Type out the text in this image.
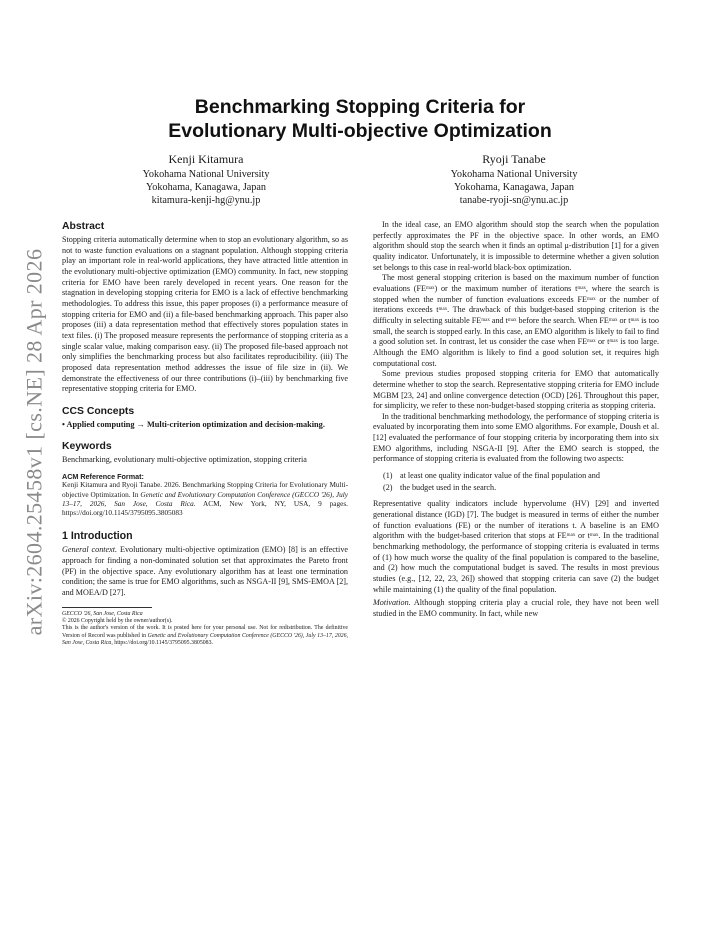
arXiv:2604.25458v1 [cs.NE] 28 Apr 2026
Benchmarking Stopping Criteria for
Evolutionary Multi-objective Optimization
Kenji Kitamura
Yokohama National University
Yokohama, Kanagawa, Japan
kitamura-kenji-hg@ynu.jp
Ryoji Tanabe
Yokohama National University
Yokohama, Kanagawa, Japan
tanabe-ryoji-sn@ynu.ac.jp
Abstract

Stopping criteria automatically determine when to stop an evolutionary algorithm, so as not to waste function evaluations on a stagnant population. Although stopping criteria play an important role in real-world applications, they have attracted little attention in the evolutionary multi-objective optimization (EMO) community. In fact, new stopping criteria for EMO have been rarely developed in recent years. One reason for the stagnation in developing stopping criteria for EMO is a lack of effective benchmarking methodologies. To address this issue, this paper proposes (i) a performance measure of stopping criteria for EMO and (ii) a file-based benchmarking approach. This paper also proposes (iii) a data representation method that effectively stores population states in text files. (i) The proposed measure represents the performance of stopping criteria as a single scalar value, making comparison easy. (ii) The proposed file-based approach not only simplifies the benchmarking process but also facilitates reproducibility. (iii) The proposed data representation method addresses the issue of file size in (ii). We demonstrate the effectiveness of our three contributions (i)–(iii) by benchmarking five representative stopping criteria for EMO.

CCS Concepts

• Applied computing → Multi-criterion optimization and decision-making.

Keywords

Benchmarking, evolutionary multi-objective optimization, stopping criteria

ACM Reference Format:

Kenji Kitamura and Ryoji Tanabe. 2026. Benchmarking Stopping Criteria for Evolutionary Multi-objective Optimization. In Genetic and Evolutionary Computation Conference (GECCO '26), July 13–17, 2026, San Jose, Costa Rica. ACM, New York, NY, USA, 9 pages. https://doi.org/10.1145/3795095.3805083

1 Introduction

General context. Evolutionary multi-objective optimization (EMO) [8] is an effective approach for finding a non-dominated solution set that approximates the Pareto front (PF) in the objective space. Any evolutionary algorithm has at least one termination condition; the same is true for EMO algorithms, such as NSGA-II [9], SMS-EMOA [2], and MOEA/D [27].

GECCO '26, San Jose, Costa Rica

© 2026 Copyright held by the owner/author(s).

This is the author's version of the work. It is posted here for your personal use. Not for redistribution. The definitive Version of Record was published in Genetic and Evolutionary Computation Conference (GECCO '26), July 13–17, 2026, San Jose, Costa Rica, https://doi.org/10.1145/3795095.3805083.

In the ideal case, an EMO algorithm should stop the search when the population perfectly approximates the PF in the objective space. In other words, an EMO algorithm should stop the search when it finds an optimal μ-distribution [1] for a given quality indicator. Unfortunately, it is impossible to determine whether a given solution set belongs to this case in real-world black-box optimization.

The most general stopping criterion is based on the maximum number of function evaluations (FEᵐᵃˣ) or the maximum number of iterations tᵐᵃˣ, where the search is stopped when the number of function evaluations exceeds FEᵐᵃˣ or the number of iterations exceeds tᵐᵃˣ. The drawback of this budget-based stopping criterion is the difficulty in selecting suitable FEᵐᵃˣ and tᵐᵃˣ before the search. When FEᵐᵃˣ or tᵐᵃˣ is too small, the search is stopped early. In this case, an EMO algorithm is likely to fail to find a good solution set. In contrast, let us consider the case when FEᵐᵃˣ or tᵐᵃˣ is too large. Although the EMO algorithm is likely to find a good solution set, it requires high computational cost.

Some previous studies proposed stopping criteria for EMO that automatically determine whether to stop the search. Representative stopping criteria for EMO include MGBM [23, 24] and online convergence detection (OCD) [26]. Throughout this paper, for simplicity, we refer to these non-budget-based stopping criteria as stopping criteria.

In the traditional benchmarking methodology, the performance of stopping criteria is evaluated by incorporating them into some EMO algorithms. For example, Doush et al. [12] evaluated the performance of four stopping criteria by incorporating them into six EMO algorithms, including NSGA-II [9]. After the EMO search is stopped, the performance of stopping criteria is evaluated from the following two aspects:

(1) at least one quality indicator value of the final population and
(2) the budget used in the search.

Representative quality indicators include hypervolume (HV) [29] and inverted generational distance (IGD) [7]. The budget is measured in terms of either the number of function evaluations (FE) or the number of iterations t. A baseline is an EMO algorithm with the budget-based criterion that stops at FEᵐᵃˣ or tᵐᵃˣ. In the traditional benchmarking methodology, the performance of stopping criteria is evaluated in terms of (1) how much worse the quality of the final population is compared to the baseline, and (2) how much the computational budget is saved. The results in most previous studies (e.g., [12, 22, 23, 26]) showed that stopping criteria can save (2) the budget while maintaining (1) the quality of the final population.

Motivation. Although stopping criteria play a crucial role, they have not been well studied in the EMO community. In fact, while new
